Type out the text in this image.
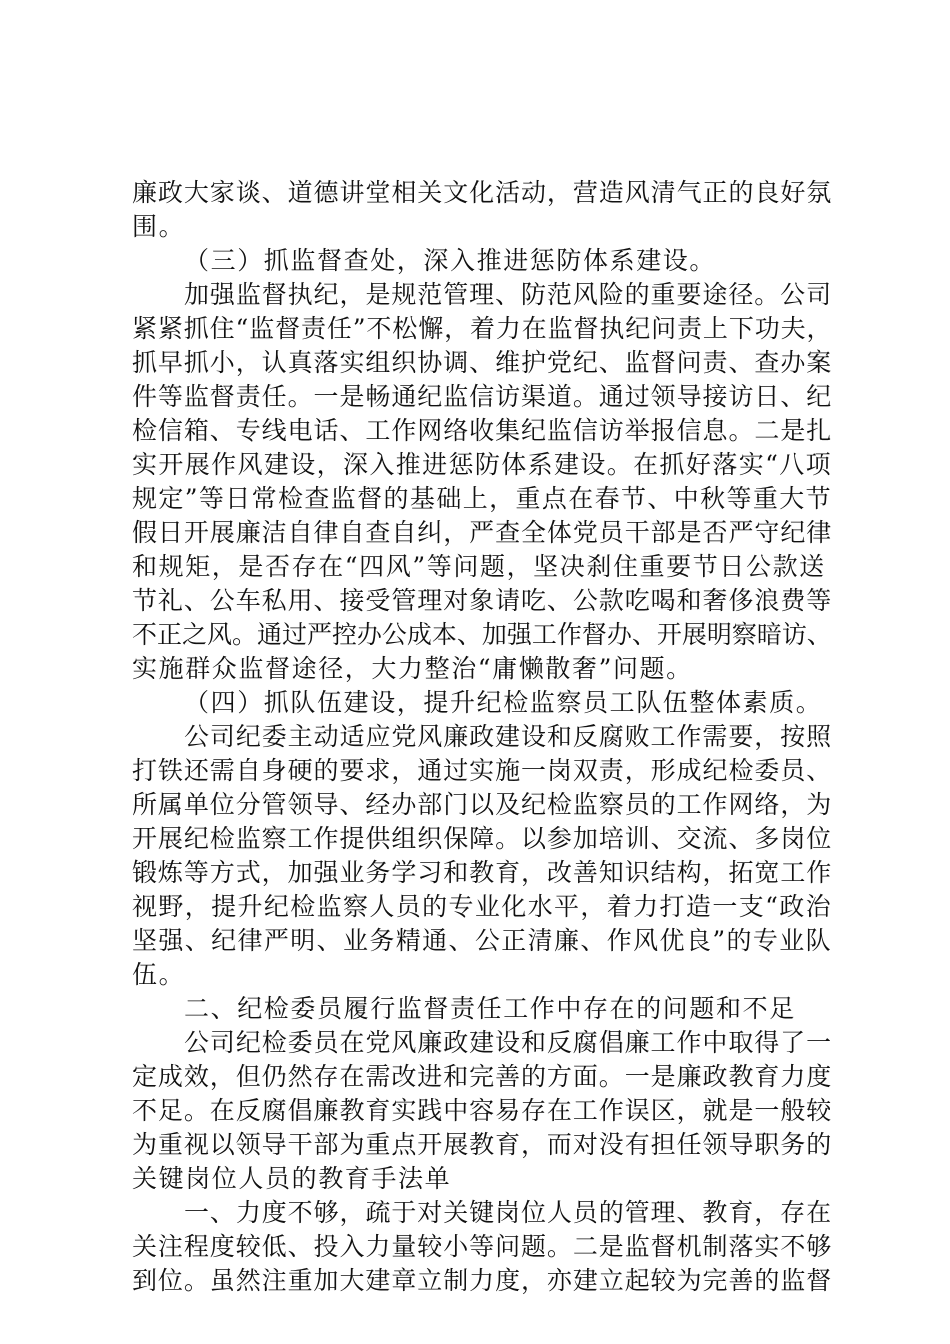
廉政大家谈、道德讲堂相关文化活动，营造风清气正的良好氛
围。
（三）抓监督查处，深入推进惩防体系建设。
加强监督执纪，是规范管理、防范风险的重要途径。公司
紧紧抓住“监督责任”不松懈，着力在监督执纪问责上下功夫，
抓早抓小，认真落实组织协调、维护党纪、监督问责、查办案
件等监督责任。一是畅通纪监信访渠道。通过领导接访日、纪
检信箱、专线电话、工作网络收集纪监信访举报信息。二是扎
实开展作风建设，深入推进惩防体系建设。在抓好落实“八项
规定”等日常检查监督的基础上，重点在春节、中秋等重大节
假日开展廉洁自律自查自纠，严查全体党员干部是否严守纪律
和规矩，是否存在“四风”等问题，坚决刹住重要节日公款送
节礼、公车私用、接受管理对象请吃、公款吃喝和奢侈浪费等
不正之风。通过严控办公成本、加强工作督办、开展明察暗访、
实施群众监督途径，大力整治“庸懒散奢”问题。
（四）抓队伍建设，提升纪检监察员工队伍整体素质。
公司纪委主动适应党风廉政建设和反腐败工作需要，按照
打铁还需自身硬的要求，通过实施一岗双责，形成纪检委员、
所属单位分管领导、经办部门以及纪检监察员的工作网络，为
开展纪检监察工作提供组织保障。以参加培训、交流、多岗位
锻炼等方式，加强业务学习和教育，改善知识结构，拓宽工作
视野，提升纪检监察人员的专业化水平，着力打造一支“政治
坚强、纪律严明、业务精通、公正清廉、作风优良”的专业队
伍。
二、纪检委员履行监督责任工作中存在的问题和不足
公司纪检委员在党风廉政建设和反腐倡廉工作中取得了一
定成效，但仍然存在需改进和完善的方面。一是廉政教育力度
不足。在反腐倡廉教育实践中容易存在工作误区，就是一般较
为重视以领导干部为重点开展教育，而对没有担任领导职务的
关键岗位人员的教育手法单
一、力度不够，疏于对关键岗位人员的管理、教育，存在
关注程度较低、投入力量较小等问题。二是监督机制落实不够
到位。虽然注重加大建章立制力度，亦建立起较为完善的监督
